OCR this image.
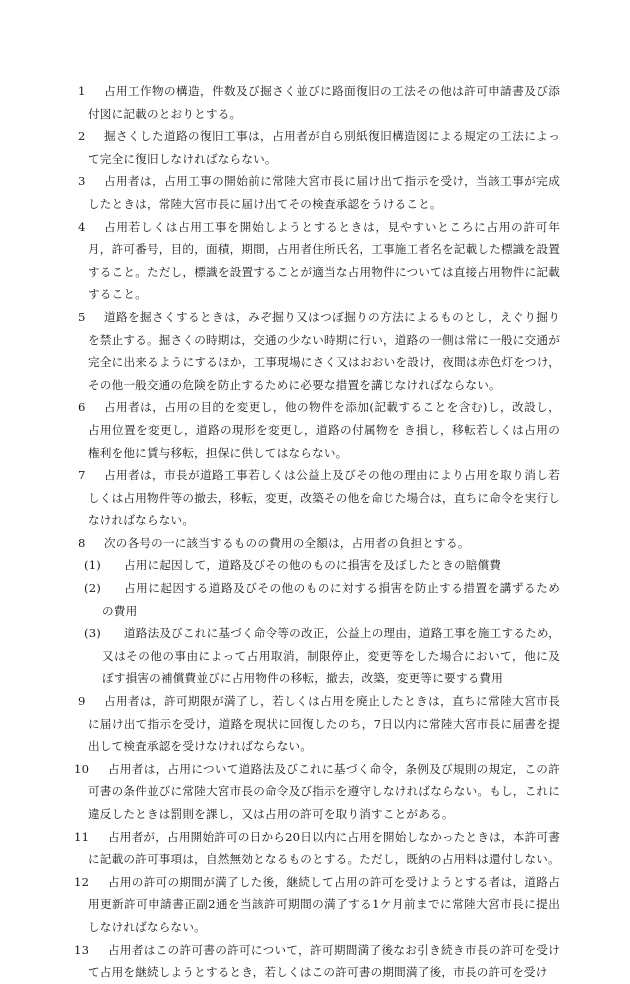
1	占用工作物の構造，件数及び掘さく並びに路面復旧の工法その他は許可申請書及び添付図に記載のとおりとする。

2	掘さくした道路の復旧工事は，占用者が自ら別紙復旧構造図による規定の工法によって完全に復旧しなければならない。

3	占用者は，占用工事の開始前に常陸大宮市長に届け出て指示を受け，当該工事が完成したときは，常陸大宮市長に届け出てその検査承認をうけること。

4	占用若しくは占用工事を開始しようとするときは，見やすいところに占用の許可年月，許可番号，目的，面積，期間，占用者住所氏名，工事施工者名を記載した標識を設置すること。ただし，標識を設置することが適当な占用物件については直接占用物件に記載すること。

5	道路を掘さくするときは，みぞ掘り又はつぼ掘りの方法によるものとし，えぐり掘りを禁止する。掘さくの時期は，交通の少ない時期に行い，道路の一側は常に一般に交通が完全に出来るようにするほか，工事現場にさく又はおおいを設け，夜間は赤色灯をつけ，その他一般交通の危険を防止するために必要な措置を講じなければならない。

6	占用者は，占用の目的を変更し，他の物件を添加(記載することを含む)し，改設し，占用位置を変更し，道路の現形を変更し，道路の付属物を き損し，移転若しくは占用の権利を他に賃与移転，担保に供してはならない。

7	占用者は，市長が道路工事若しくは公益上及びその他の理由により占用を取り消し若しくは占用物件等の撤去，移転，変更，改築その他を命じた場合は，直ちに命令を実行しなければならない。

8	次の各号の一に該当するものの費用の全額は，占用者の負担とする。

(1)	占用に起因して，道路及びその他のものに損害を及ぼしたときの賠償費

(2)	占用に起因する道路及びその他のものに対する損害を防止する措置を講ずるための費用

(3)	道路法及びこれに基づく命令等の改正，公益上の理由，道路工事を施工するため，又はその他の事由によって占用取消，制限停止，変更等をした場合において，他に及ぼす損害の補償費並びに占用物件の移転，撤去，改築，変更等に要する費用

9	占用者は，許可期限が満了し，若しくは占用を廃止したときは，直ちに常陸大宮市長に届け出て指示を受け，道路を現状に回復したのち，7日以内に常陸大宮市長に届書を提出して検査承認を受けなければならない。

10	占用者は，占用について道路法及びこれに基づく命令，条例及び規則の規定，この許可書の条件並びに常陸大宮市長の命令及び指示を遵守しなければならない。もし，これに違反したときは罰則を課し，又は占用の許可を取り消すことがある。

11	占用者が，占用開始許可の日から20日以内に占用を開始しなかったときは，本許可書に記載の許可事項は，自然無効となるものとする。ただし，既納の占用料は還付しない。

12	占用の許可の期間が満了した後，継続して占用の許可を受けようとする者は，道路占用更新許可申請書正副2通を当該許可期間の満了する1ケ月前までに常陸大宮市長に提出しなければならない。

13	占用者はこの許可書の許可について，許可期間満了後なお引き続き市長の許可を受けて占用を継続しようとするとき，若しくはこの許可書の期間満了後，市長の許可を受け
